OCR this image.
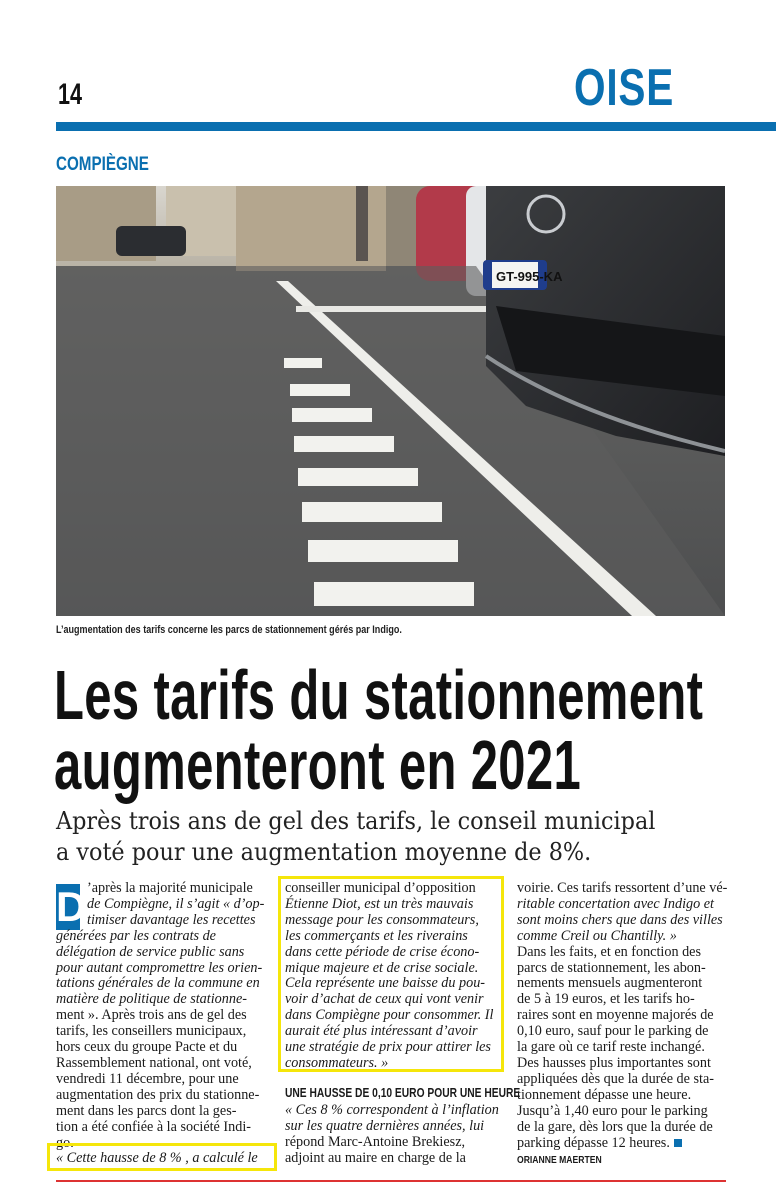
14	OISE
COMPIÈGNE
GT-995-KA
L’augmentation des tarifs concerne les parcs de stationnement gérés par Indigo.
Les tarifs du stationnement
augmenteront en 2021
Après trois ans de gel des tarifs, le conseil municipal
a voté pour une augmentation moyenne de 8%.
D ’après la majorité municipale
de Compiègne, il s’agit « d’op-
timiser davantage les recettes
générées par les contrats de
délégation de service public sans
pour autant compromettre les orien-
tations générales de la commune en
matière de politique de stationne-
ment ». Après trois ans de gel des
tarifs, les conseillers municipaux,
hors ceux du groupe Pacte et du
Rassemblement national, ont voté,
vendredi 11 décembre, pour une
augmentation des prix du stationne-
ment dans les parcs dont la ges-
tion a été confiée à la société Indi-
go.
« Cette hausse de 8 % , a calculé le
conseiller municipal d’opposition
Étienne Diot, est un très mauvais
message pour les consommateurs,
les commerçants et les riverains
dans cette période de crise écono-
mique majeure et de crise sociale.
Cela représente une baisse du pou-
voir d’achat de ceux qui vont venir
dans Compiègne pour consommer. Il
aurait été plus intéressant d’avoir
une stratégie de prix pour attirer les
consommateurs. »
UNE HAUSSE DE 0,10 EURO POUR UNE HEURE
« Ces 8 % correspondent à l’inflation
sur les quatre dernières années, lui
répond Marc-Antoine Brekiesz,
adjoint au maire en charge de la
voirie. Ces tarifs ressortent d’une vé-
ritable concertation avec Indigo et
sont moins chers que dans des villes
comme Creil ou Chantilly. »
Dans les faits, et en fonction des
parcs de stationnement, les abon-
nements mensuels augmenteront
de 5 à 19 euros, et les tarifs ho-
raires sont en moyenne majorés de
0,10 euro, sauf pour le parking de
la gare où ce tarif reste inchangé.
Des hausses plus importantes sont
appliquées dès que la durée de sta-
tionnement dépasse une heure.
Jusqu’à 1,40 euro pour le parking
de la gare, dès lors que la durée de
parking dépasse 12 heures.
ORIANNE MAERTEN
